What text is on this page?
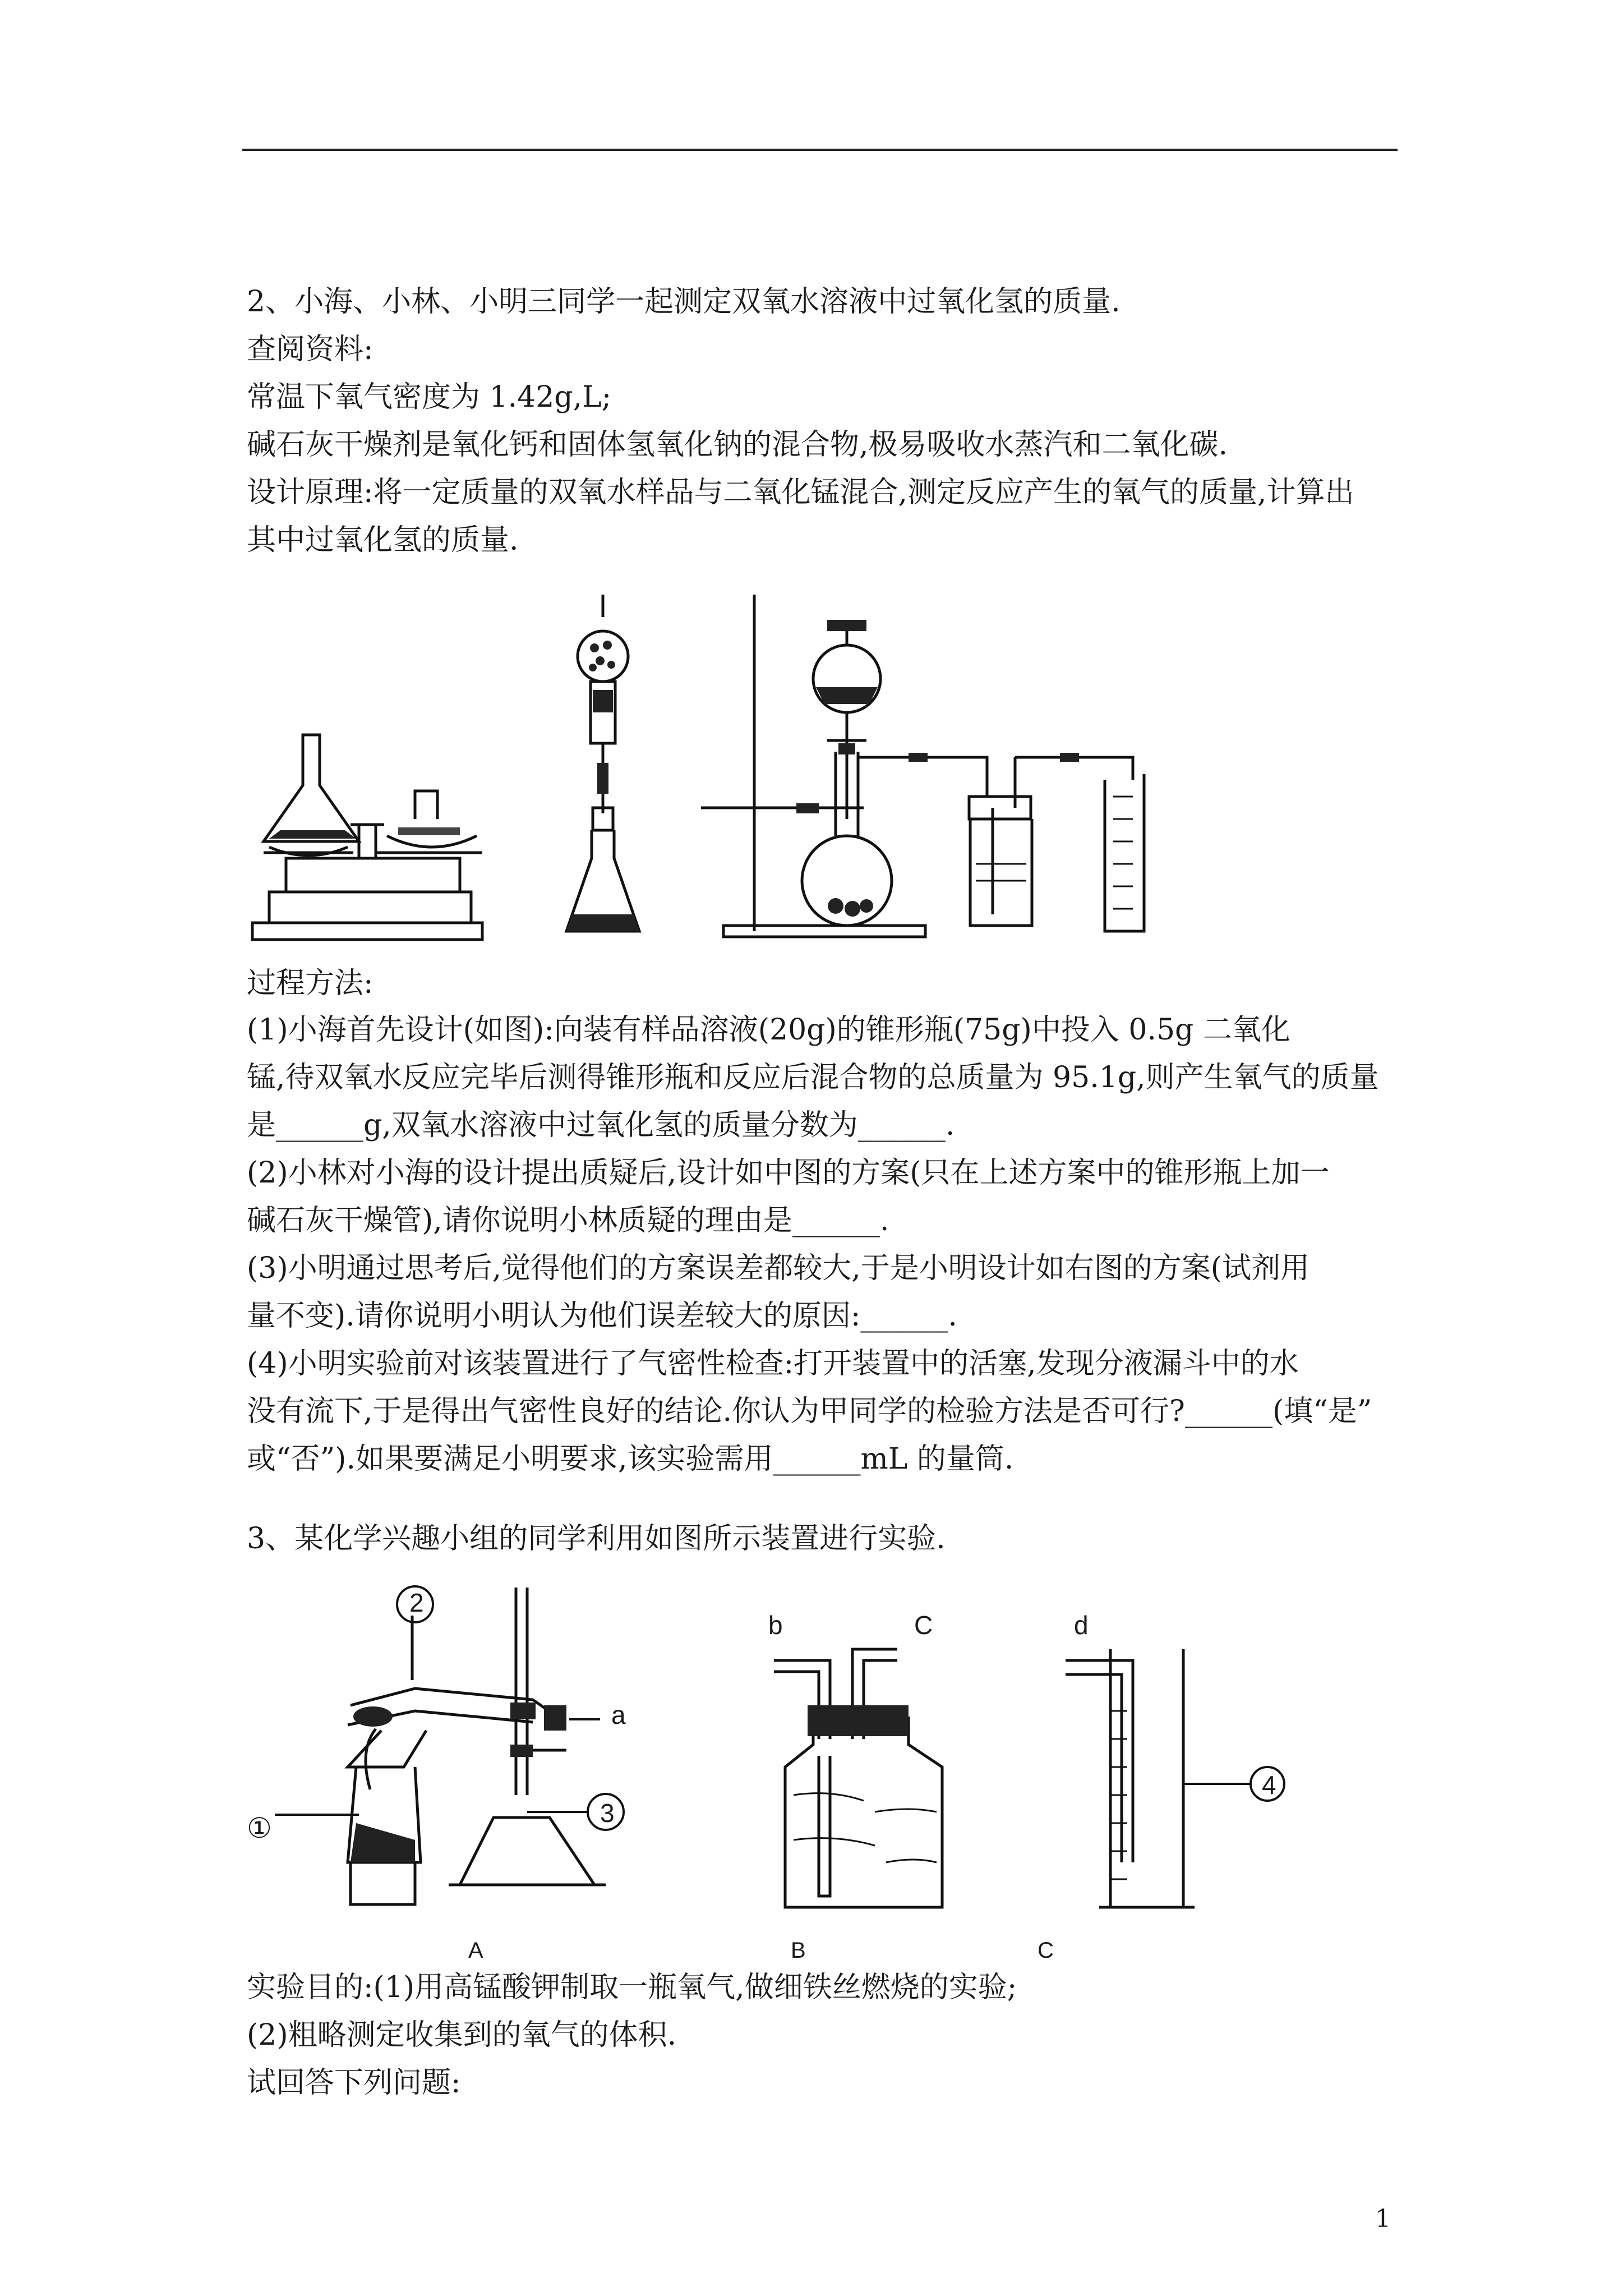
2、小海、小林、小明三同学一起测定双氧水溶液中过氧化氢的质量.
查阅资料:
常温下氧气密度为 1.42g,L;
碱石灰干燥剂是氧化钙和固体氢氧化钠的混合物,极易吸收水蒸汽和二氧化碳.
设计原理:将一定质量的双氧水样品与二氧化锰混合,测定反应产生的氧气的质量,计算出
其中过氧化氢的质量.
过程方法:
(1)小海首先设计(如图):向装有样品溶液(20g)的锥形瓶(75g)中投入 0.5g 二氧化
锰,待双氧水反应完毕后测得锥形瓶和反应后混合物的总质量为 95.1g,则产生氧气的质量
是______g,双氧水溶液中过氧化氢的质量分数为______.
(2)小林对小海的设计提出质疑后,设计如中图的方案(只在上述方案中的锥形瓶上加一
碱石灰干燥管),请你说明小林质疑的理由是______.
(3)小明通过思考后,觉得他们的方案误差都较大,于是小明设计如右图的方案(试剂用
量不变).请你说明小明认为他们误差较大的原因:______.
(4)小明实验前对该装置进行了气密性检查:打开装置中的活塞,发现分液漏斗中的水
没有流下,于是得出气密性良好的结论.你认为甲同学的检验方法是否可行?______(填“是”
或“否”).如果要满足小明要求,该实验需用______mL 的量筒.
3、某化学兴趣小组的同学利用如图所示装置进行实验.
①
2
3
a
b	C	d
4
A	B	C
实验目的:(1)用高锰酸钾制取一瓶氧气,做细铁丝燃烧的实验;
(2)粗略测定收集到的氧气的体积.
试回答下列问题:
1
